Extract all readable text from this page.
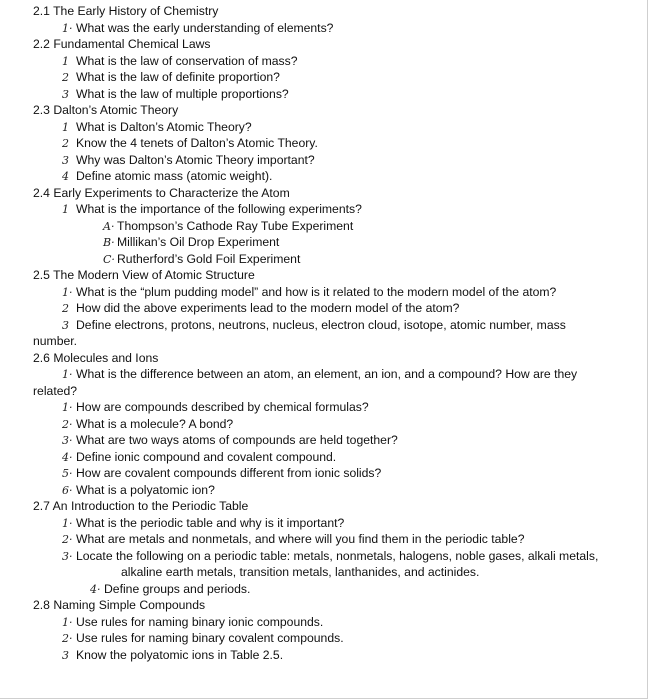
2.1 The Early History of Chemistry
1· What was the early understanding of elements?
2.2 Fundamental Chemical Laws
1 What is the law of conservation of mass?
2 What is the law of definite proportion?
3 What is the law of multiple proportions?
2.3 Dalton’s Atomic Theory
1 What is Dalton’s Atomic Theory?
2 Know the 4 tenets of Dalton’s Atomic Theory.
3 Why was Dalton’s Atomic Theory important?
4 Define atomic mass (atomic weight).
2.4 Early Experiments to Characterize the Atom
1 What is the importance of the following experiments?
A· Thompson’s Cathode Ray Tube Experiment
B· Millikan’s Oil Drop Experiment
C· Rutherford’s Gold Foil Experiment
2.5 The Modern View of Atomic Structure
1· What is the “plum pudding model” and how is it related to the modern model of the atom?
2 How did the above experiments lead to the modern model of the atom?
3 Define electrons, protons, neutrons, nucleus, electron cloud, isotope, atomic number, mass
number.
2.6 Molecules and Ions
1· What is the difference between an atom, an element, an ion, and a compound? How are they
related?
1· How are compounds described by chemical formulas?
2· What is a molecule? A bond?
3· What are two ways atoms of compounds are held together?
4· Define ionic compound and covalent compound.
5· How are covalent compounds different from ionic solids?
6· What is a polyatomic ion?
2.7 An Introduction to the Periodic Table
1· What is the periodic table and why is it important?
2· What are metals and nonmetals, and where will you find them in the periodic table?
3· Locate the following on a periodic table: metals, nonmetals, halogens, noble gases, alkali metals,
alkaline earth metals, transition metals, lanthanides, and actinides.
4· Define groups and periods.
2.8 Naming Simple Compounds
1· Use rules for naming binary ionic compounds.
2· Use rules for naming binary covalent compounds.
3 Know the polyatomic ions in Table 2.5.
